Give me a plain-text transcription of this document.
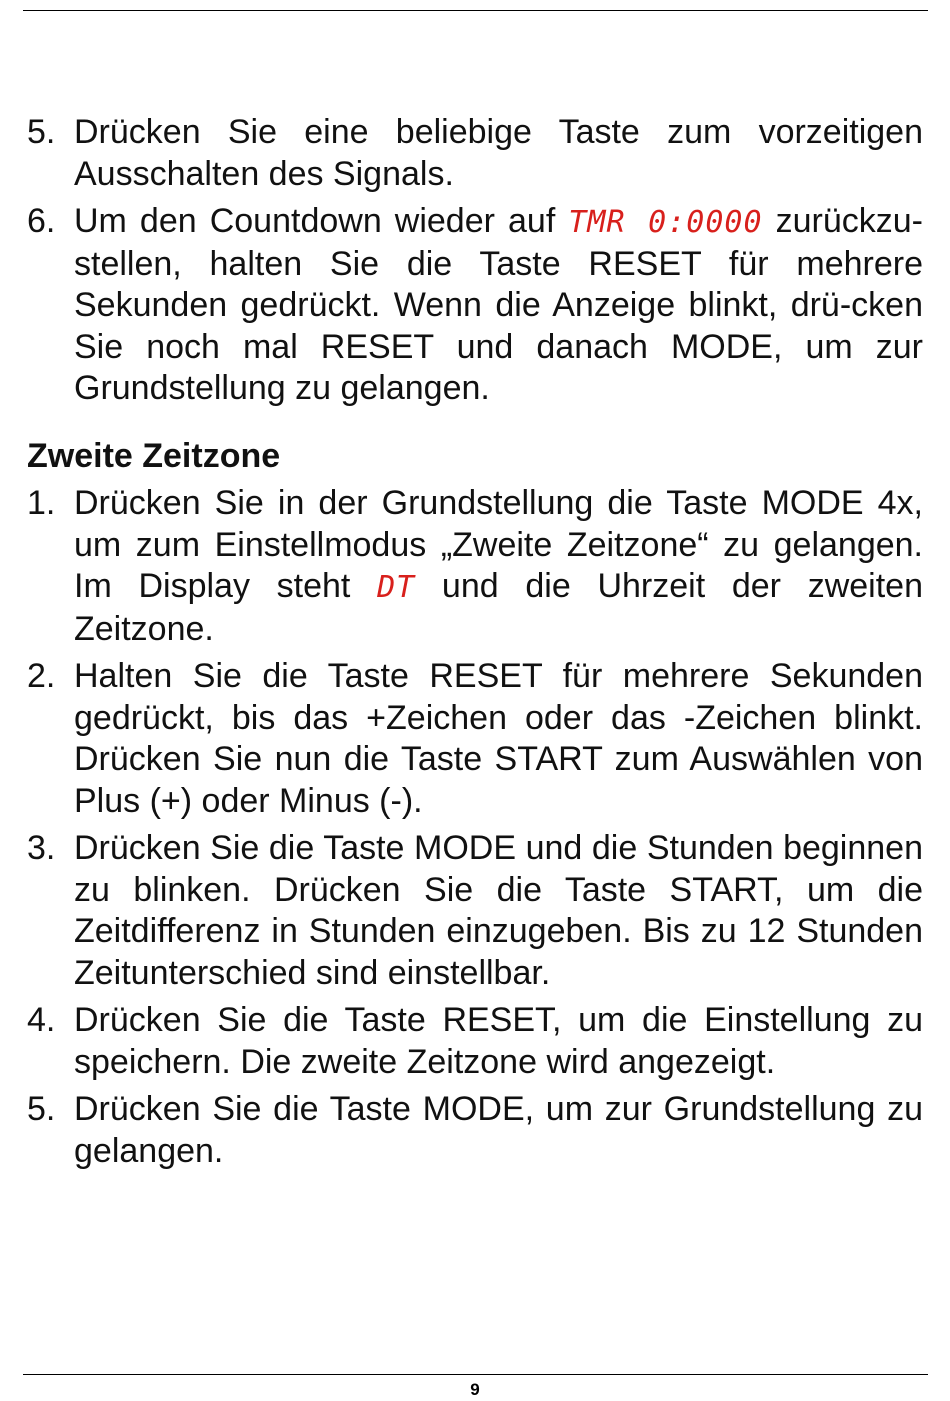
5. Drücken Sie eine beliebige Taste zum vorzeitigen Ausschalten des Signals.
6. Um den Countdown wieder auf TMR 0:0000 zurückzu-stellen, halten Sie die Taste RESET für mehrere Sekunden gedrückt. Wenn die Anzeige blinkt, drü-cken Sie noch mal RESET und danach MODE, um zur Grundstellung zu gelangen.
Zweite Zeitzone
1. Drücken Sie in der Grundstellung die Taste MODE 4x, um zum Einstellmodus „Zweite Zeitzone“ zu gelangen. Im Display steht DT und die Uhrzeit der zweiten Zeitzone.
2. Halten Sie die Taste RESET für mehrere Sekunden gedrückt, bis das +Zeichen oder das -Zeichen blinkt. Drücken Sie nun die Taste START zum Auswählen von Plus (+) oder Minus (-).
3. Drücken Sie die Taste MODE und die Stunden beginnen zu blinken. Drücken Sie die Taste START, um die Zeitdifferenz in Stunden einzugeben. Bis zu 12 Stunden Zeitunterschied sind einstellbar.
4. Drücken Sie die Taste RESET, um die Einstellung zu speichern. Die zweite Zeitzone wird angezeigt.
5. Drücken Sie die Taste MODE, um zur Grundstellung zu gelangen.
9
